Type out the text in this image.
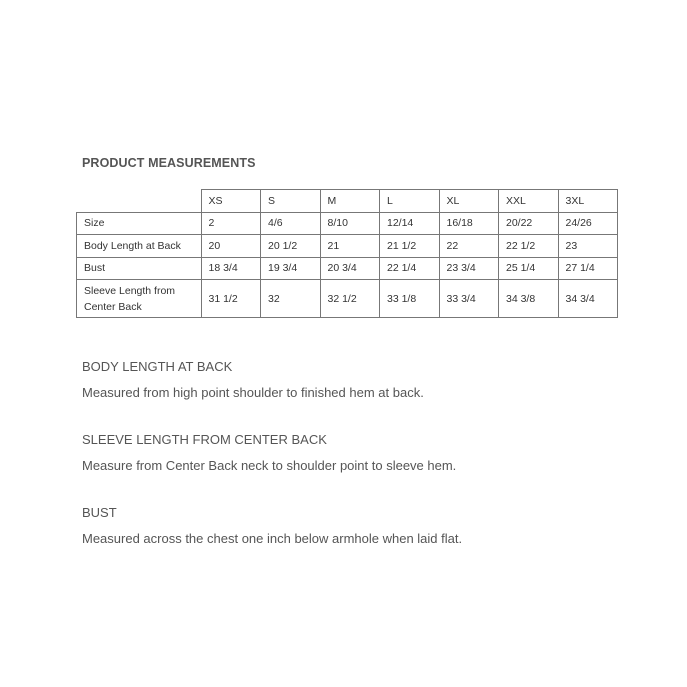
PRODUCT MEASUREMENTS
	XS	S	M	L	XL	XXL	3XL
Size	2	4/6	8/10	12/14	16/18	20/22	24/26
Body Length at Back	20	20 1/2	21	21 1/2	22	22 1/2	23
Bust	18 3/4	19 3/4	20 3/4	22 1/4	23 3/4	25 1/4	27 1/4
Sleeve Length from Center Back	31 1/2	32	32 1/2	33 1/8	33 3/4	34 3/8	34 3/4
BODY LENGTH AT BACK
Measured from high point shoulder to finished hem at back.
SLEEVE LENGTH FROM CENTER BACK
Measure from Center Back neck to shoulder point to sleeve hem.
BUST
Measured across the chest one inch below armhole when laid flat.
